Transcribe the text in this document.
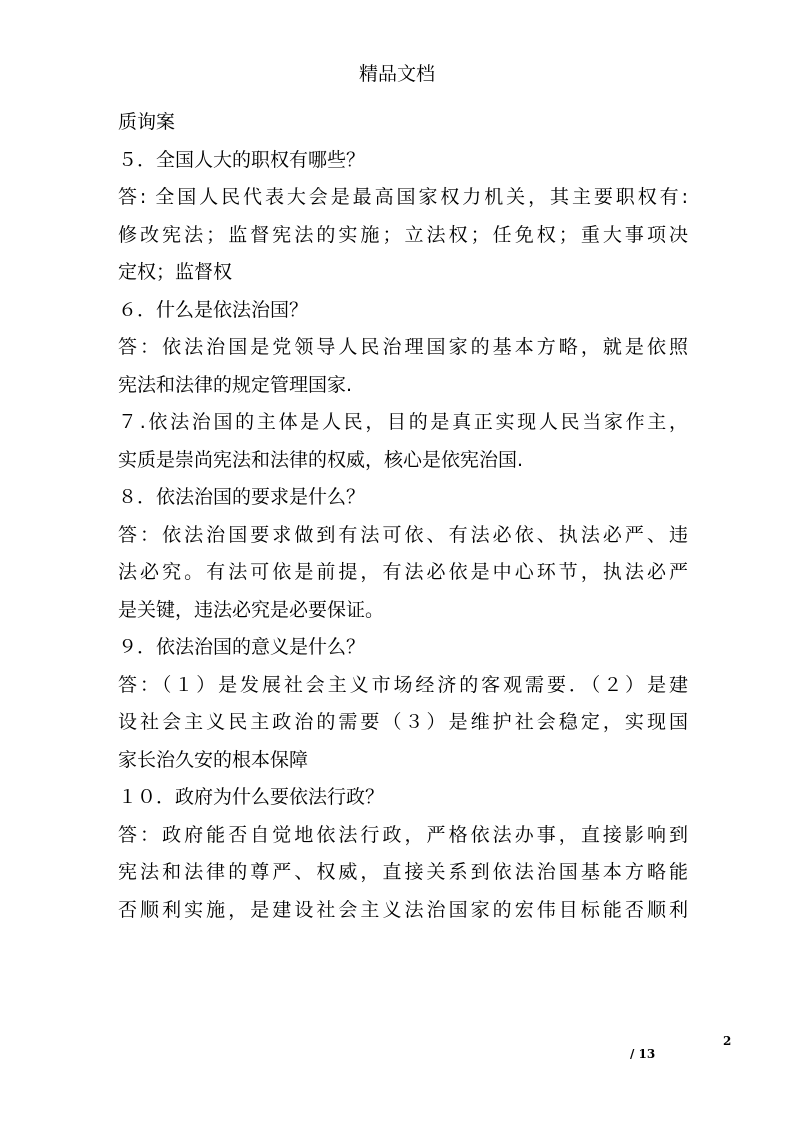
精品文档
质询案
５．全国人大的职权有哪些？
答: 全国人民代表大会是最高国家权力机关，其主要职权有:
修改宪法；监督宪法的实施；立法权；任免权；重大事项决
定权；监督权
６．什么是依法治国？
答：依法治国是党领导人民治理国家的基本方略，就是依照
宪法和法律的规定管理国家.
７.依法治国的主体是人民，目的是真正实现人民当家作主，
实质是崇尚宪法和法律的权威，核心是依宪治国.
８．依法治国的要求是什么？
答：依法治国要求做到有法可依、有法必依、执法必严、违
法必究。有法可依是前提，有法必依是中心环节，执法必严
是关键，违法必究是必要保证。
９．依法治国的意义是什么？
答：（１）是发展社会主义市场经济的客观需要．（２）是建
设社会主义民主政治的需要（３）是维护社会稳定，实现国
家长治久安的根本保障
１０．政府为什么要依法行政？
答：政府能否自觉地依法行政，严格依法办事，直接影响到
宪法和法律的尊严、权威，直接关系到依法治国基本方略能
否顺利实施，是建设社会主义法治国家的宏伟目标能否顺利
2
/ 13
